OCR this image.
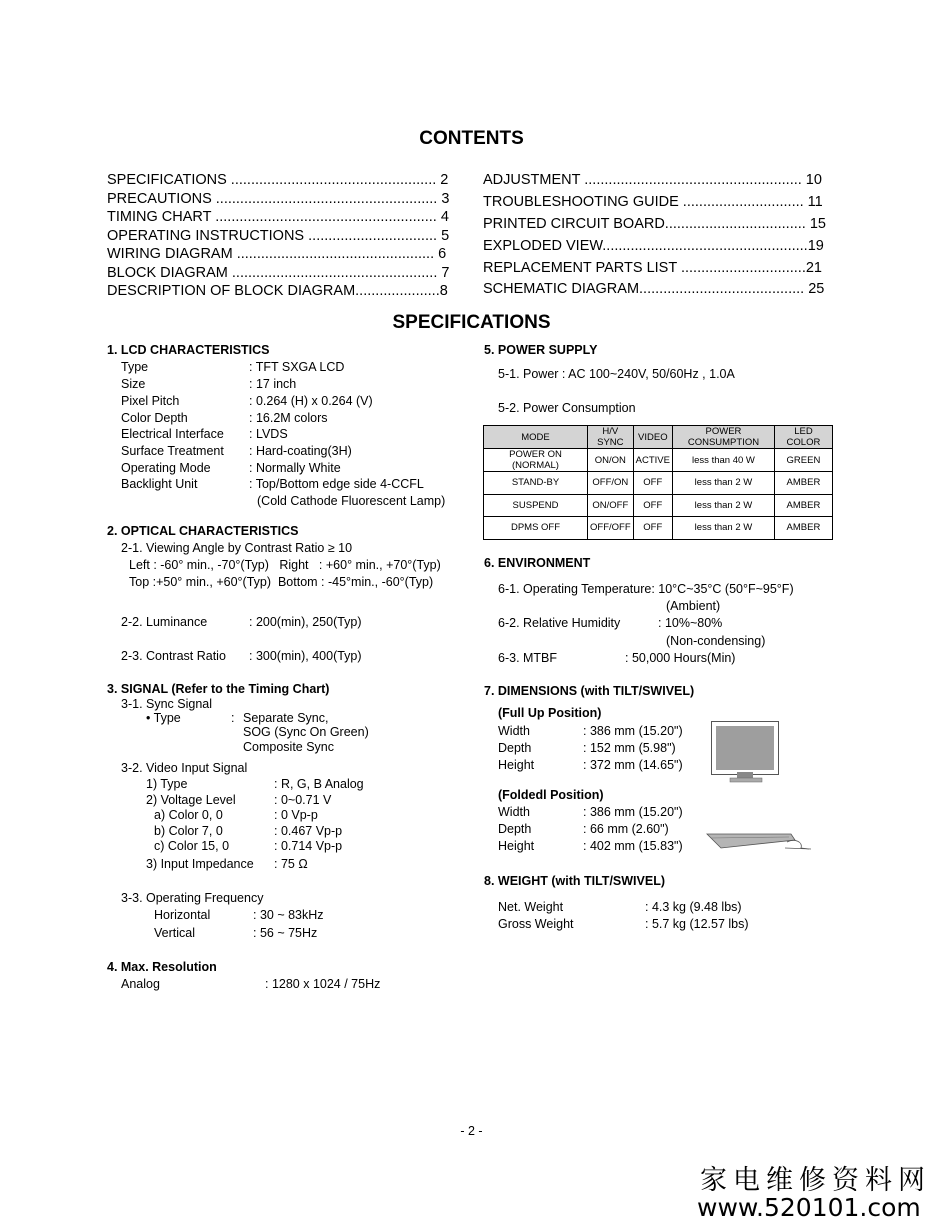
CONTENTS
SPECIFICATIONS ................................................... 2
PRECAUTIONS ....................................................... 3
TIMING CHART ....................................................... 4
OPERATING INSTRUCTIONS ................................ 5
WIRING DIAGRAM ................................................. 6
BLOCK DIAGRAM ................................................... 7
DESCRIPTION OF BLOCK DIAGRAM.....................8
ADJUSTMENT ...................................................... 10
TROUBLESHOOTING GUIDE .............................. 11
PRINTED CIRCUIT BOARD................................... 15
EXPLODED VIEW...................................................19
REPLACEMENT PARTS LIST ...............................21
SCHEMATIC DIAGRAM......................................... 25
SPECIFICATIONS
1. LCD CHARACTERISTICS
Type	: TFT SXGA LCD
Size	: 17 inch
Pixel Pitch	: 0.264 (H) x 0.264 (V)
Color Depth	: 16.2M colors
Electrical Interface : LVDS
Surface Treatment : Hard-coating(3H)
Operating Mode	: Normally White
Backlight Unit	: Top/Bottom edge side 4-CCFL
(Cold Cathode Fluorescent Lamp)
2. OPTICAL CHARACTERISTICS
2-1. Viewing Angle by Contrast Ratio ≥ 10
Left : -60° min., -70°(Typ)   Right   : +60° min., +70°(Typ)
Top :+50° min., +60°(Typ)  Bottom : -45°min., -60°(Typ)
2-2. Luminance	: 200(min), 250(Typ)
2-3. Contrast Ratio : 300(min), 400(Typ)
3. SIGNAL (Refer to the Timing Chart)
3-1. Sync Signal
• Type	: Separate Sync,
SOG (Sync On Green)
Composite Sync
3-2. Video Input Signal
1) Type	: R, G, B Analog
2) Voltage Level	: 0~0.71 V
a) Color 0, 0	: 0 Vp-p
b) Color 7, 0	: 0.467 Vp-p
c) Color 15, 0	: 0.714 Vp-p
3) Input Impedance : 75 Ω
3-3. Operating Frequency
Horizontal	: 30 ~ 83kHz
Vertical	: 56 ~ 75Hz
4. Max. Resolution
Analog	: 1280 x 1024 / 75Hz
5. POWER SUPPLY
5-1. Power : AC 100~240V, 50/60Hz , 1.0A
5-2. Power Consumption
MODE	H/V SYNC	VIDEO	POWER CONSUMPTION	LED COLOR
POWER ON (NORMAL)	ON/ON	ACTIVE	less than 40 W	GREEN
STAND-BY	OFF/ON	OFF	less than 2 W	AMBER
SUSPEND	ON/OFF	OFF	less than 2 W	AMBER
DPMS OFF	OFF/OFF	OFF	less than 2 W	AMBER
6. ENVIRONMENT
6-1. Operating Temperature: 10°C~35°C (50°F~95°F)
(Ambient)
6-2. Relative Humidity	: 10%~80%
(Non-condensing)
6-3. MTBF	: 50,000 Hours(Min)
7. DIMENSIONS (with TILT/SWIVEL)
(Full Up Position)
Width	: 386 mm (15.20")
Depth	: 152 mm (5.98")
Height	: 372 mm (14.65")
(Foldedl Position)
Width	: 386 mm (15.20")
Depth	: 66 mm (2.60")
Height	: 402 mm (15.83")
8. WEIGHT (with TILT/SWIVEL)
Net. Weight	: 4.3 kg (9.48 lbs)
Gross Weight	: 5.7 kg (12.57 lbs)
- 2 -
家电维修资料网
www.520101.com
